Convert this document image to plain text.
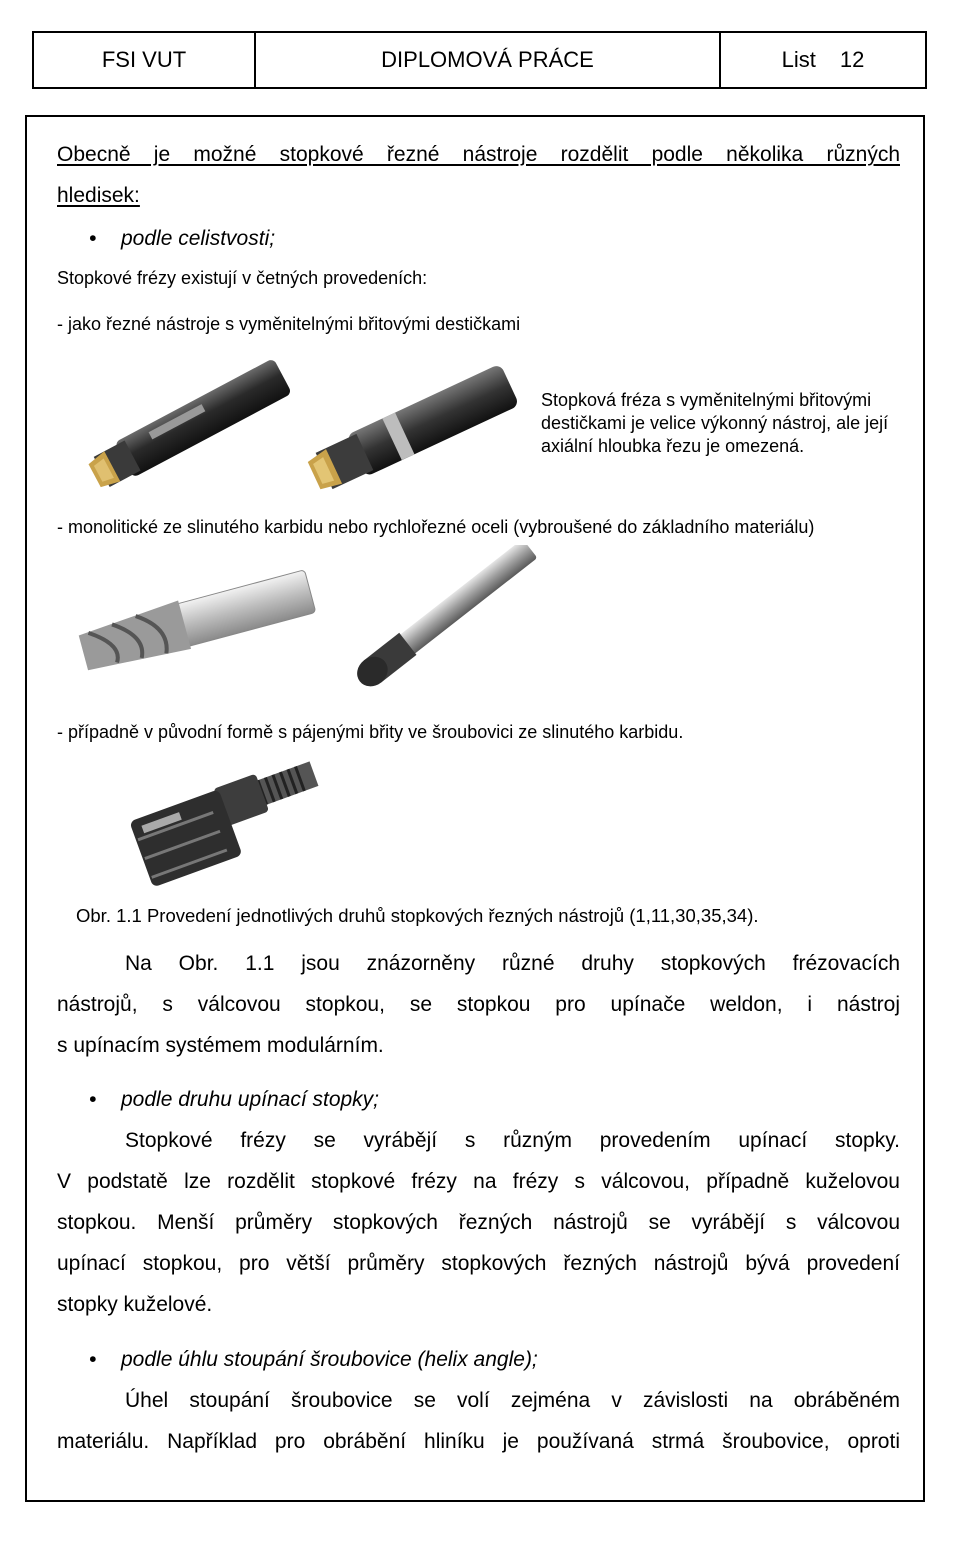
FSI VUT	DIPLOMOVÁ PRÁCE	List 12
Obecně je možné stopkové řezné nástroje rozdělit podle několika různých
hledisek:
• podle celistvosti;
Stopkové frézy existují v četných provedeních:
- jako řezné nástroje s vyměnitelnými břitovými destičkami
Stopková fréza s vyměnitelnými břitovými
destičkami je velice výkonný nástroj, ale její
axiální hloubka řezu je omezená.
- monolitické ze slinutého karbidu nebo rychlořezné oceli (vybroušené do základního materiálu)
- případně v původní formě s pájenými břity ve šroubovici ze slinutého karbidu.
Obr. 1.1 Provedení jednotlivých druhů stopkových řezných nástrojů (1,11,30,35,34).
Na Obr. 1.1 jsou znázorněny různé druhy stopkových frézovacích
nástrojů, s válcovou stopkou, se stopkou pro upínače weldon, i nástroj
s upínacím systémem modulárním.
• podle druhu upínací stopky;
Stopkové frézy se vyrábějí s různým provedením upínací stopky.
V podstatě lze rozdělit stopkové frézy na frézy s válcovou, případně kuželovou
stopkou. Menší průměry stopkových řezných nástrojů se vyrábějí s válcovou
upínací stopkou, pro větší průměry stopkových řezných nástrojů bývá provedení
stopky kuželové.
• podle úhlu stoupání šroubovice (helix angle);
Úhel stoupání šroubovice se volí zejména v závislosti na obráběném
materiálu. Například pro obrábění hliníku je používaná strmá šroubovice, oproti
